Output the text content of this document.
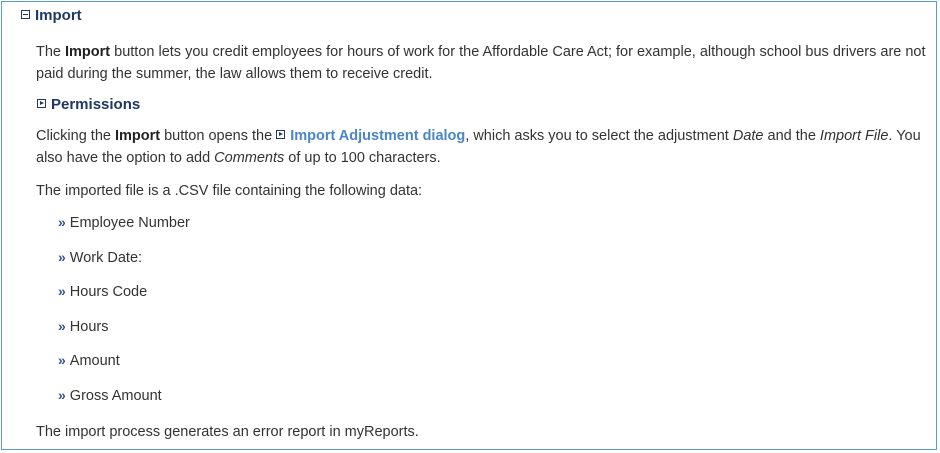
Import
The Import button lets you credit employees for hours of work for the Affordable Care Act; for example, although school bus drivers are not paid during the summer, the law allows them to receive credit.
Permissions
Clicking the Import button opens the Import Adjustment dialog, which asks you to select the adjustment Date and the Import File. You also have the option to add Comments of up to 100 characters.
The imported file is a .CSV file containing the following data:
» Employee Number
» Work Date:
» Hours Code
» Hours
» Amount
» Gross Amount
The import process generates an error report in myReports.
